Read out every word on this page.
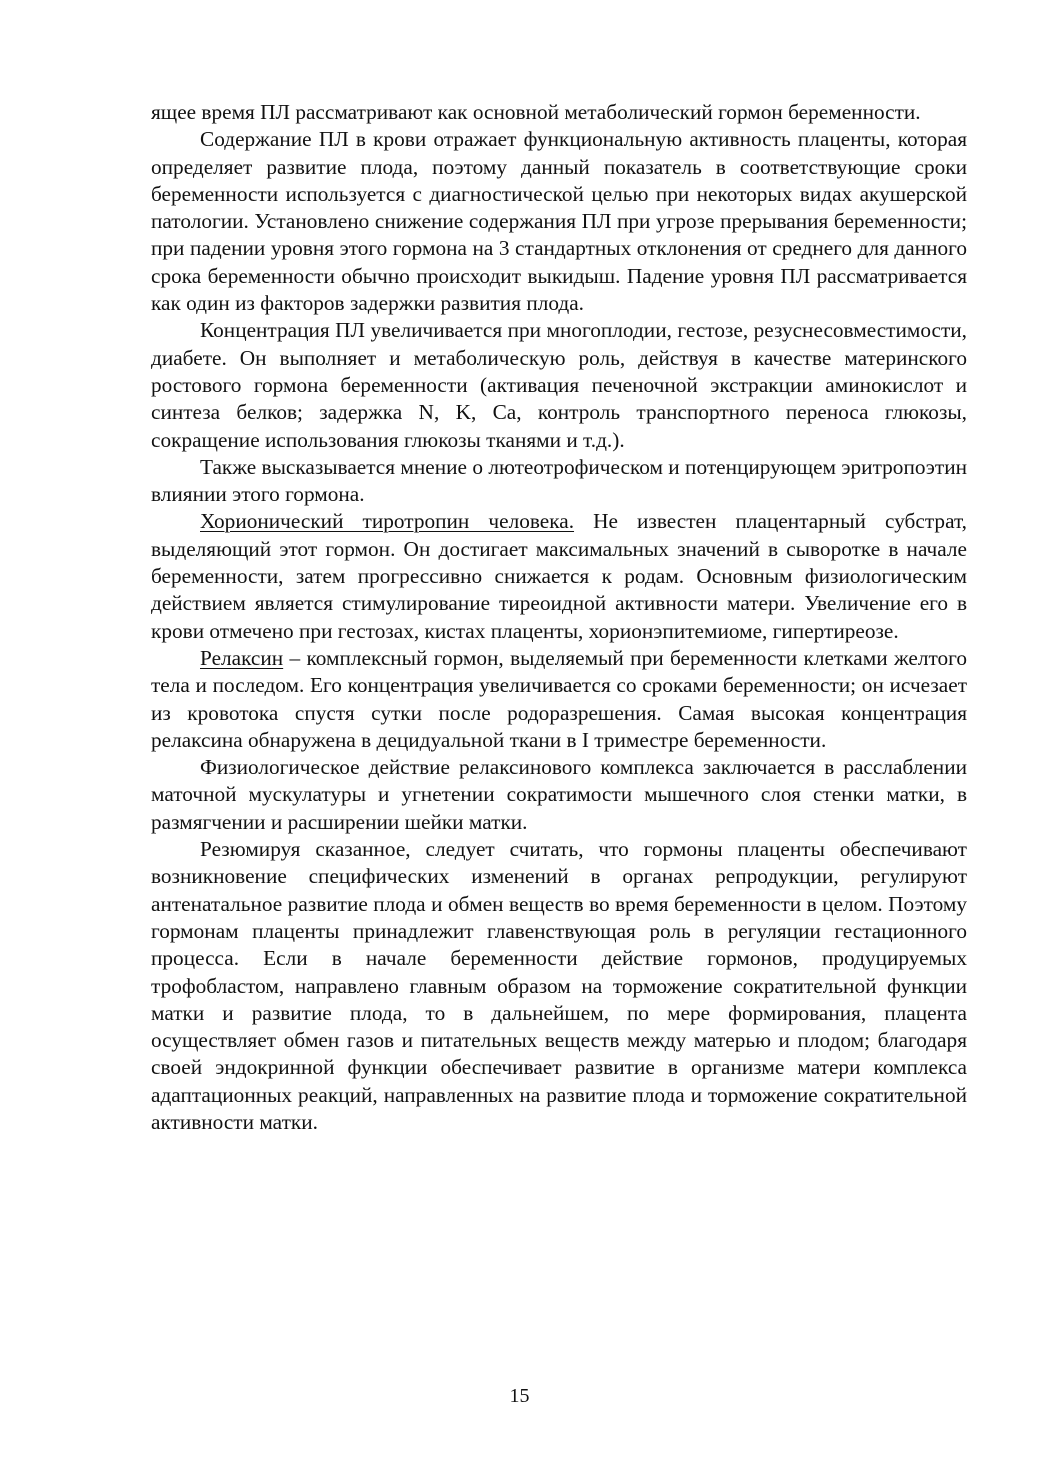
ящее время ПЛ рассматривают как основной метаболический гормон беременности.

Содержание ПЛ в крови отражает функциональную активность плаценты, которая определяет развитие плода, поэтому данный показатель в соответствующие сроки беременности используется с диагностической целью при некоторых видах акушерской патологии. Установлено снижение содержания ПЛ при угрозе прерывания беременности; при падении уровня этого гормона на 3 стандартных отклонения от среднего для данного срока беременности обычно происходит выкидыш. Падение уровня ПЛ рассматривается как один из факторов задержки развития плода.

Концентрация ПЛ увеличивается при многоплодии, гестозе, резуснесовместимости, диабете. Он выполняет и метаболическую роль, действуя в качестве материнского ростового гормона беременности (активация печеночной экстракции аминокислот и синтеза белков; задержка N, K, Ca, контроль транспортного переноса глюкозы, сокращение использования глюкозы тканями и т.д.).

Также высказывается мнение о лютеотрофическом и потенцирующем эритропоэтин влиянии этого гормона.

Хорионический тиротропин человека. Не известен плацентарный субстрат, выделяющий этот гормон. Он достигает максимальных значений в сыворотке в начале беременности, затем прогрессивно снижается к родам. Основным физиологическим действием является стимулирование тиреоидной активности матери. Увеличение его в крови отмечено при гестозах, кистах плаценты, хорионэпитемиоме, гипертиреозе.

Релаксин – комплексный гормон, выделяемый при беременности клетками желтого тела и последом. Его концентрация увеличивается со сроками беременности; он исчезает из кровотока спустя сутки после родоразрешения. Самая высокая концентрация релаксина обнаружена в децидуальной ткани в I триместре беременности.

Физиологическое действие релаксинового комплекса заключается в расслаблении маточной мускулатуры и угнетении сократимости мышечного слоя стенки матки, в размягчении и расширении шейки матки.

Резюмируя сказанное, следует считать, что гормоны плаценты обеспечивают возникновение специфических изменений в органах репродукции, регулируют антенатальное развитие плода и обмен веществ во время беременности в целом. Поэтому гормонам плаценты принадлежит главенствующая роль в регуляции гестационного процесса. Если в начале беременности действие гормонов, продуцируемых трофобластом, направлено главным образом на торможение сократительной функции матки и развитие плода, то в дальнейшем, по мере формирования, плацента осуществляет обмен газов и питательных веществ между матерью и плодом; благодаря своей эндокринной функции обеспечивает развитие в организме матери комплекса адаптационных реакций, направленных на развитие плода и торможение сократительной активности матки.

15
